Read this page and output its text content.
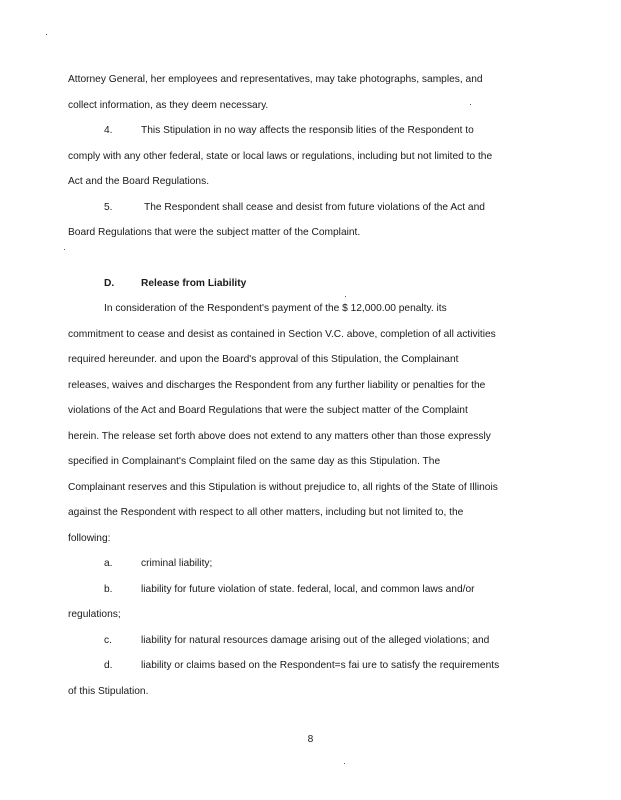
Attorney General, her employees and representatives, may take photographs, samples, and
collect information, as they deem necessary.
4.	This Stipulation in no way affects the responsib lities of the Respondent to
comply with any other federal, state or local laws or regulations, including but not limited to the
Act and the Board Regulations.
5.	The Respondent shall cease and desist from future violations of the Act and
Board Regulations that were the subject matter of the Complaint.
D.	Release from Liability
In consideration of the Respondent's payment of the $ 12,000.00 penalty. its
commitment to cease and desist as contained in Section V.C. above, completion of all activities
required hereunder. and upon the Board's approval of this Stipulation, the Complainant
releases, waives and discharges the Respondent from any further liability or penalties for the
violations of the Act and Board Regulations that were the subject matter of the Complaint
herein. The release set forth above does not extend to any matters other than those expressly
specified in Complainant's Complaint filed on the same day as this Stipulation. The
Complainant reserves and this Stipulation is without prejudice to, all rights of the State of Illinois
against the Respondent with respect to all other matters, including but not limited to, the
following:
a.	criminal liability;
b.	liability for future violation of state. federal, local, and common laws and/or
regulations;
c.	liability for natural resources damage arising out of the alleged violations; and
d.	liability or claims based on the Respondent=s fai ure to satisfy the requirements
of this Stipulation.
8
